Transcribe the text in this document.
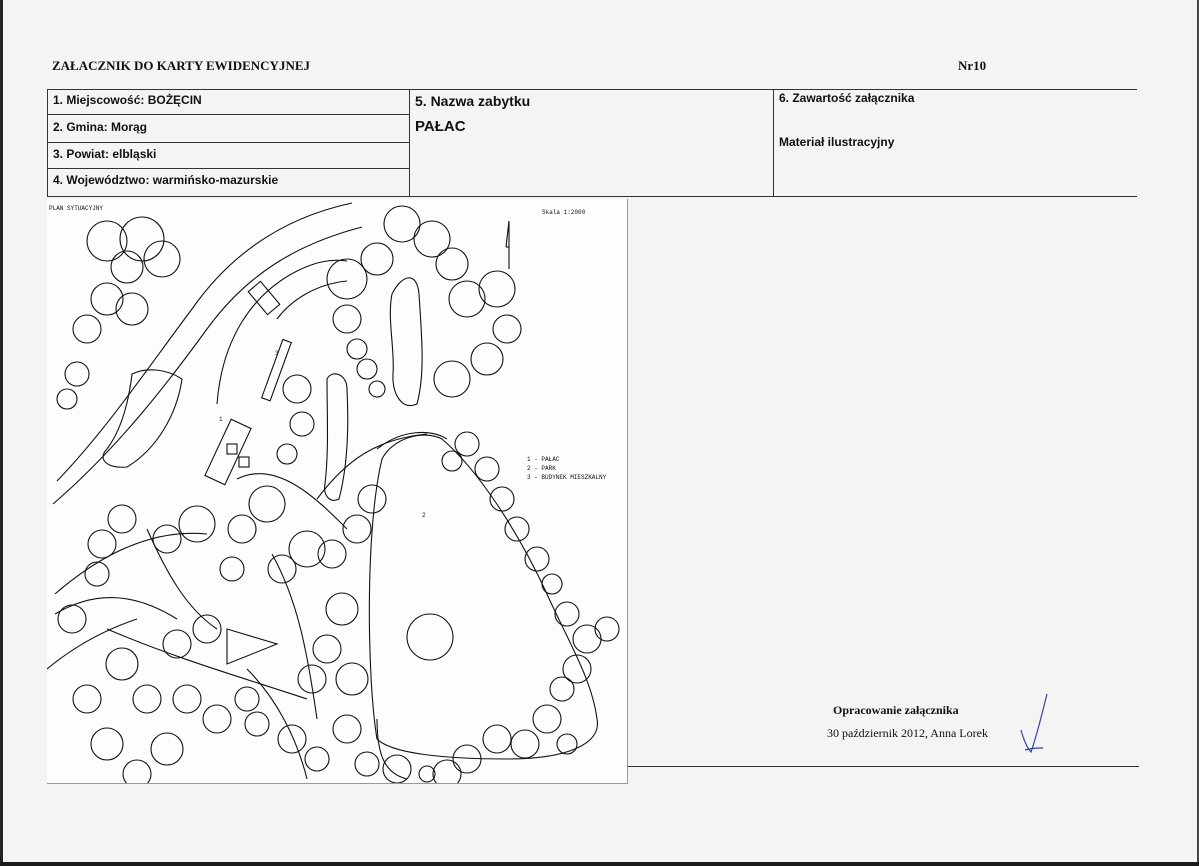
ZAŁACZNIK DO KARTY EWIDENCYJNEJ	Nr10
1. Miejscowość: BOŻĘCIN
2. Gmina: Morąg
3. Powiat: elbląski
4. Województwo: warmińsko-mazurskie
5. Nazwa zabytku
PAŁAC
6. Zawartość załącznika
Materiał ilustracyjny
PLAN SYTUACYJNY
Skala 1:2000
1 - PAŁAC
2 - PARK
3 - BUDYNEK MIESZKALNY
1
2
3
Opracowanie załącznika
30 październik 2012, Anna Lorek
